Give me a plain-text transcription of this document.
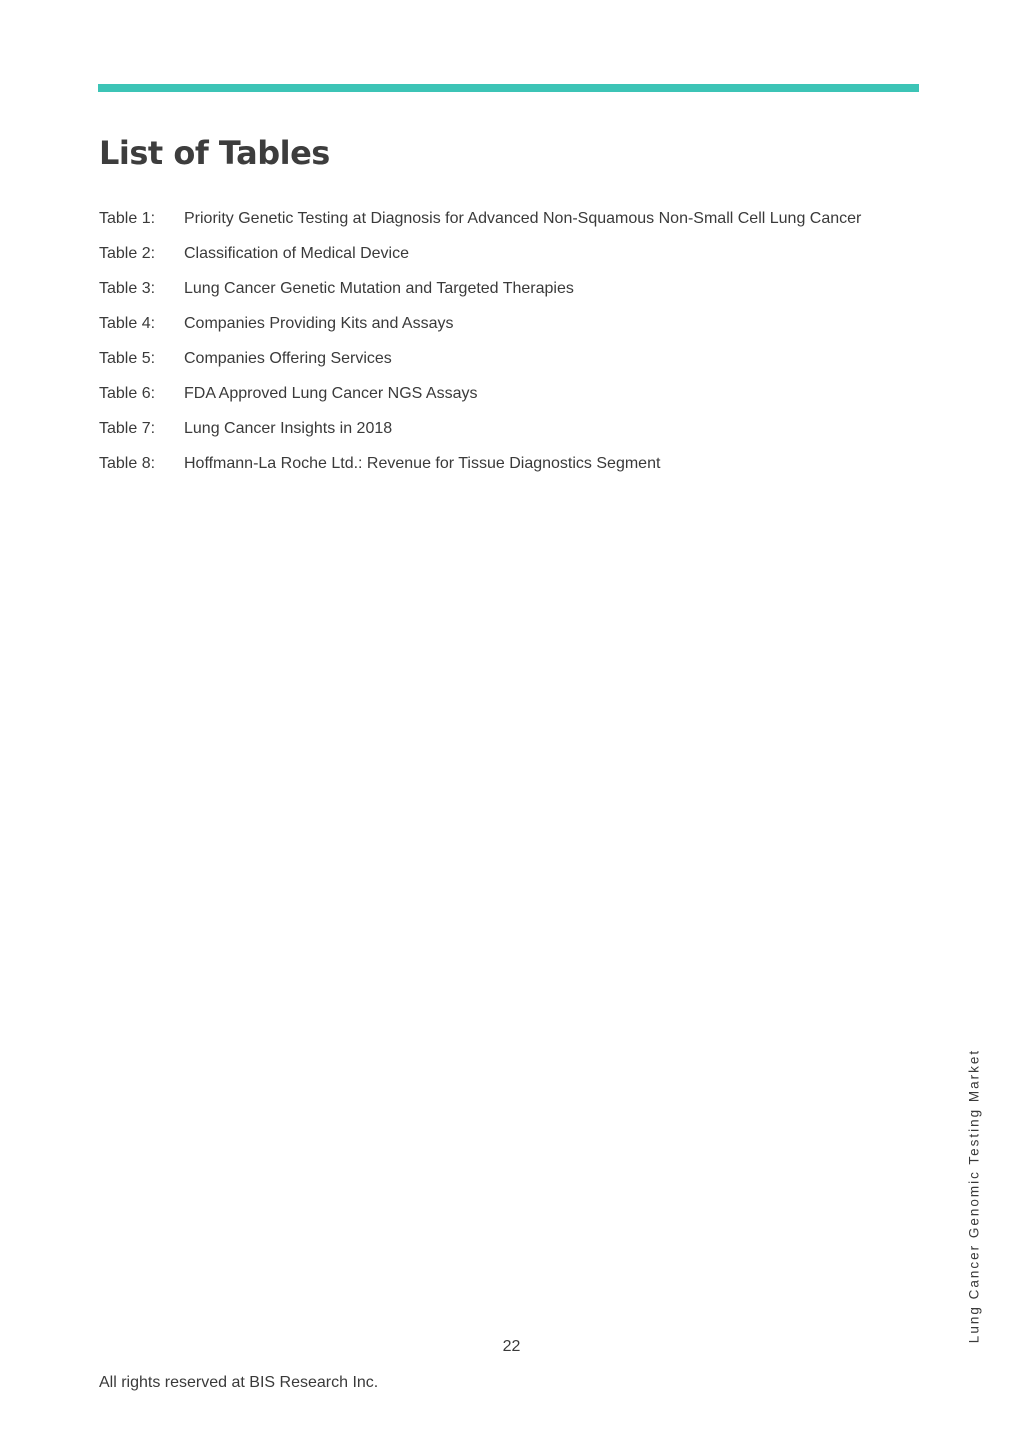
List of Tables
Table 1:	Priority Genetic Testing at Diagnosis for Advanced Non-Squamous Non-Small Cell Lung Cancer
Table 2:	Classification of Medical Device
Table 3:	Lung Cancer Genetic Mutation and Targeted Therapies
Table 4:	Companies Providing Kits and Assays
Table 5:	Companies Offering Services
Table 6:	FDA Approved Lung Cancer NGS Assays
Table 7:	Lung Cancer Insights in 2018
Table 8:	Hoffmann-La Roche Ltd.: Revenue for Tissue Diagnostics Segment
Lung Cancer Genomic Testing Market
22
All rights reserved at BIS Research Inc.
